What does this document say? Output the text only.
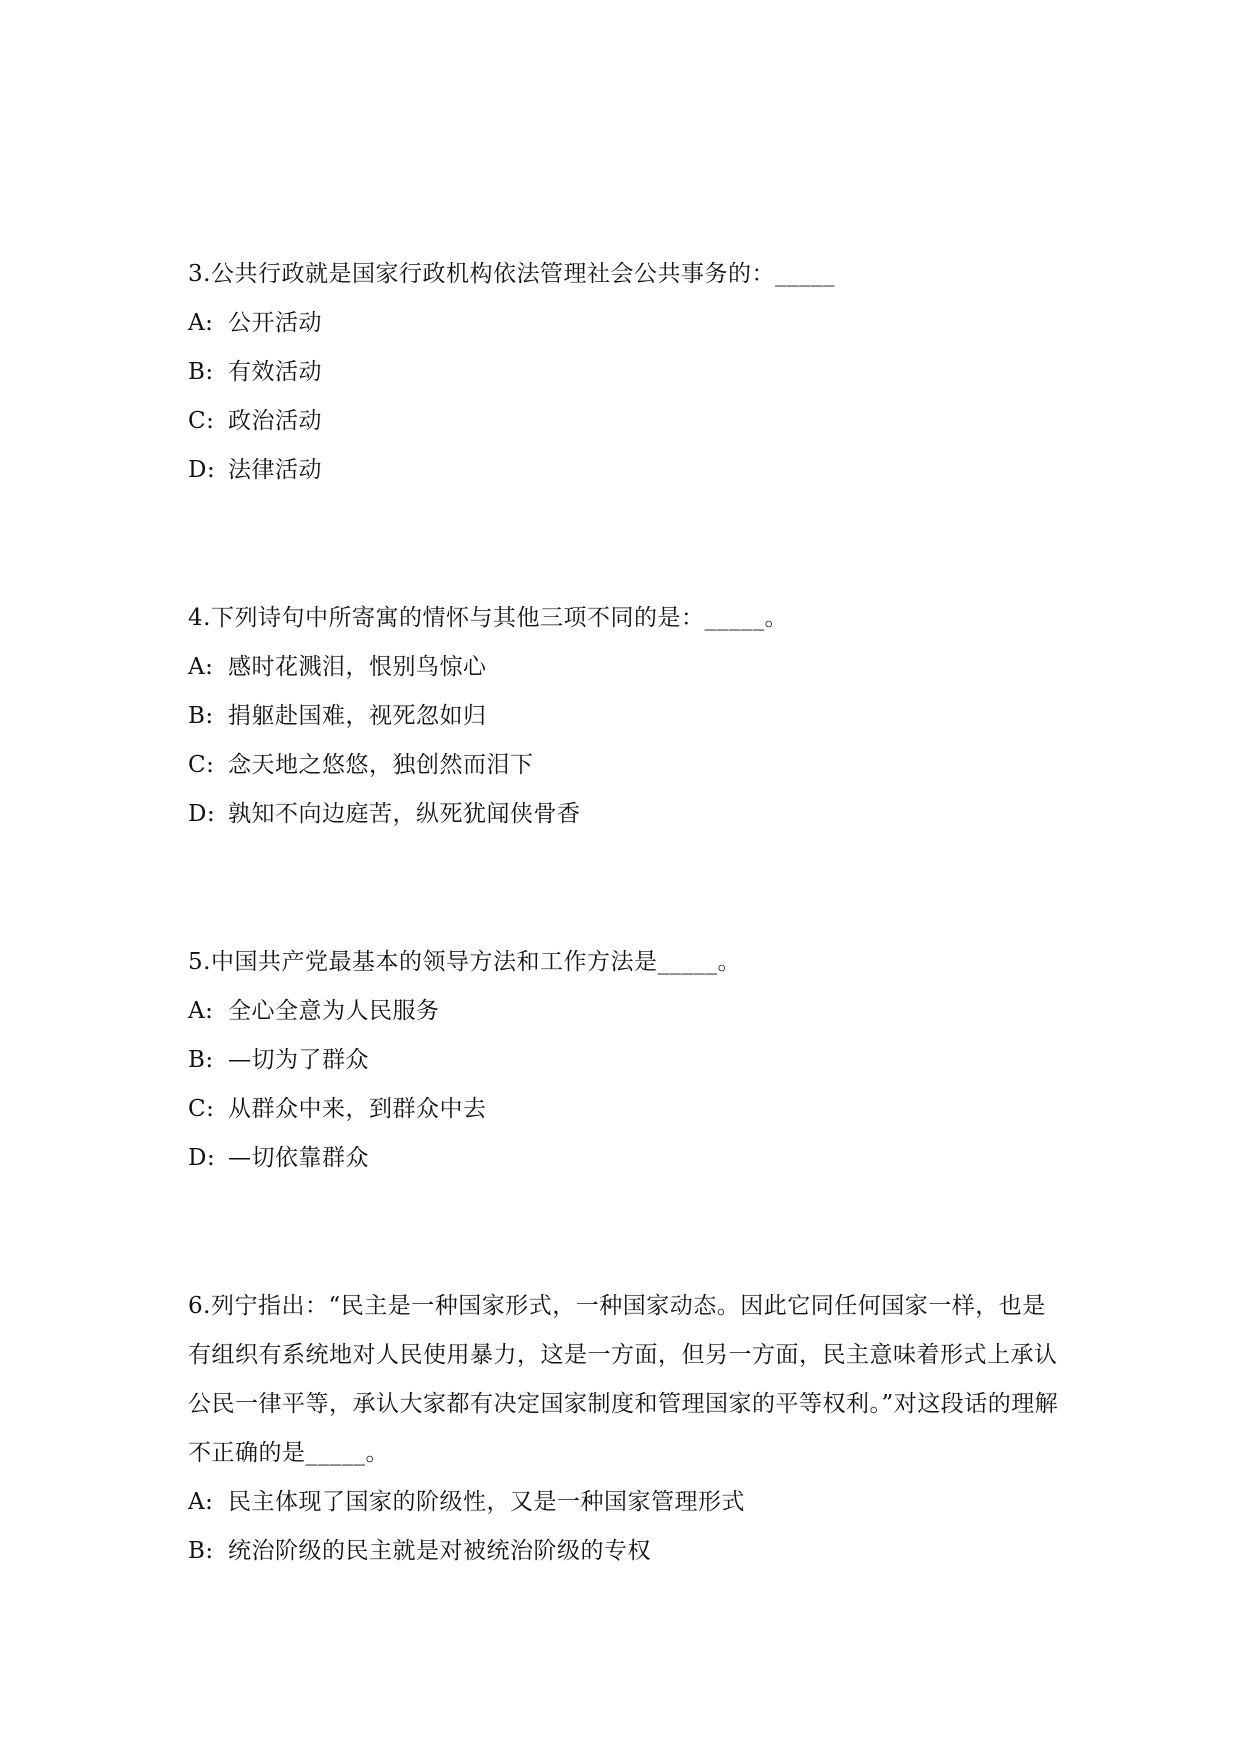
3.公共行政就是国家行政机构依法管理社会公共事务的：_____

A: 公开活动

B: 有效活动

C: 政治活动

D: 法律活动

4.下列诗句中所寄寓的情怀与其他三项不同的是：_____。

A: 感时花溅泪，恨别鸟惊心

B: 捐躯赴国难，视死忽如归

C: 念天地之悠悠，独创然而泪下

D: 孰知不向边庭苦，纵死犹闻侠骨香

5.中国共产党最基本的领导方法和工作方法是_____。

A: 全心全意为人民服务

B: —切为了群众

C: 从群众中来，到群众中去

D: —切依靠群众

6.列宁指出：“民主是一种国家形式，一种国家动态。因此它同任何国家一样，也是有组织有系统地对人民使用暴力，这是一方面，但另一方面，民主意味着形式上承认公民一律平等，承认大家都有决定国家制度和管理国家的平等权利。”对这段话的理解不正确的是_____。

A: 民主体现了国家的阶级性，又是一种国家管理形式

B: 统治阶级的民主就是对被统治阶级的专权
